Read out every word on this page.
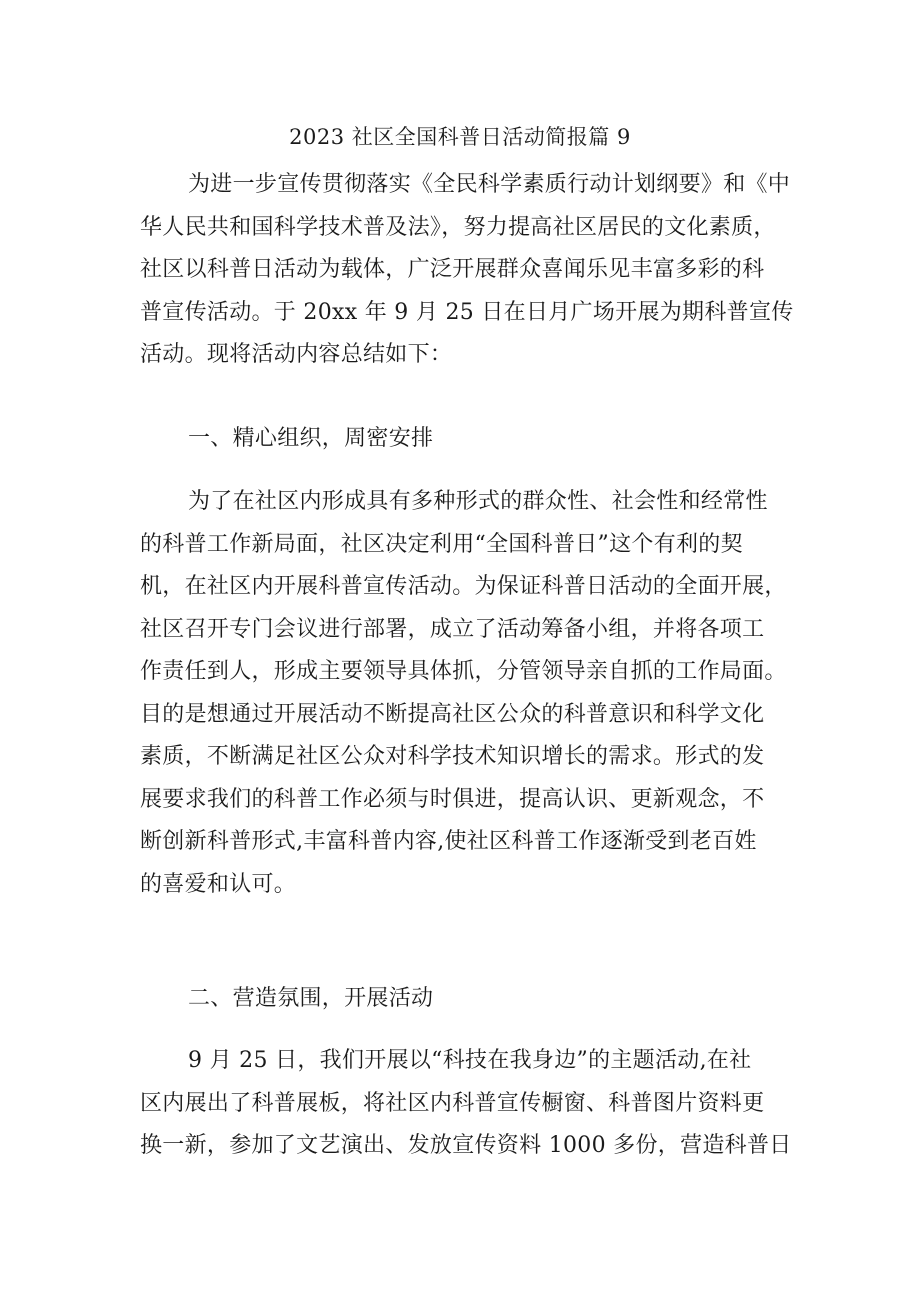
2023 社区全国科普日活动简报篇 9
为进一步宣传贯彻落实《全民科学素质行动计划纲要》和《中
华人民共和国科学技术普及法》，努力提高社区居民的文化素质，
社区以科普日活动为载体，广泛开展群众喜闻乐见丰富多彩的科
普宣传活动。于 20xx 年 9 月 25 日在日月广场开展为期科普宣传
活动。现将活动内容总结如下：
一、精心组织，周密安排
为了在社区内形成具有多种形式的群众性、社会性和经常性
的科普工作新局面，社区决定利用“全国科普日”这个有利的契
机，在社区内开展科普宣传活动。为保证科普日活动的全面开展，
社区召开专门会议进行部署，成立了活动筹备小组，并将各项工
作责任到人，形成主要领导具体抓，分管领导亲自抓的工作局面。
目的是想通过开展活动不断提高社区公众的科普意识和科学文化
素质，不断满足社区公众对科学技术知识增长的需求。形式的发
展要求我们的科普工作必须与时俱进，提高认识、更新观念，不
断创新科普形式,丰富科普内容,使社区科普工作逐渐受到老百姓
的喜爱和认可。
二、营造氛围，开展活动
9 月 25 日，我们开展以“科技在我身边”的主题活动,在社
区内展出了科普展板，将社区内科普宣传橱窗、科普图片资料更
换一新，参加了文艺演出、发放宣传资料 1000 多份，营造科普日
